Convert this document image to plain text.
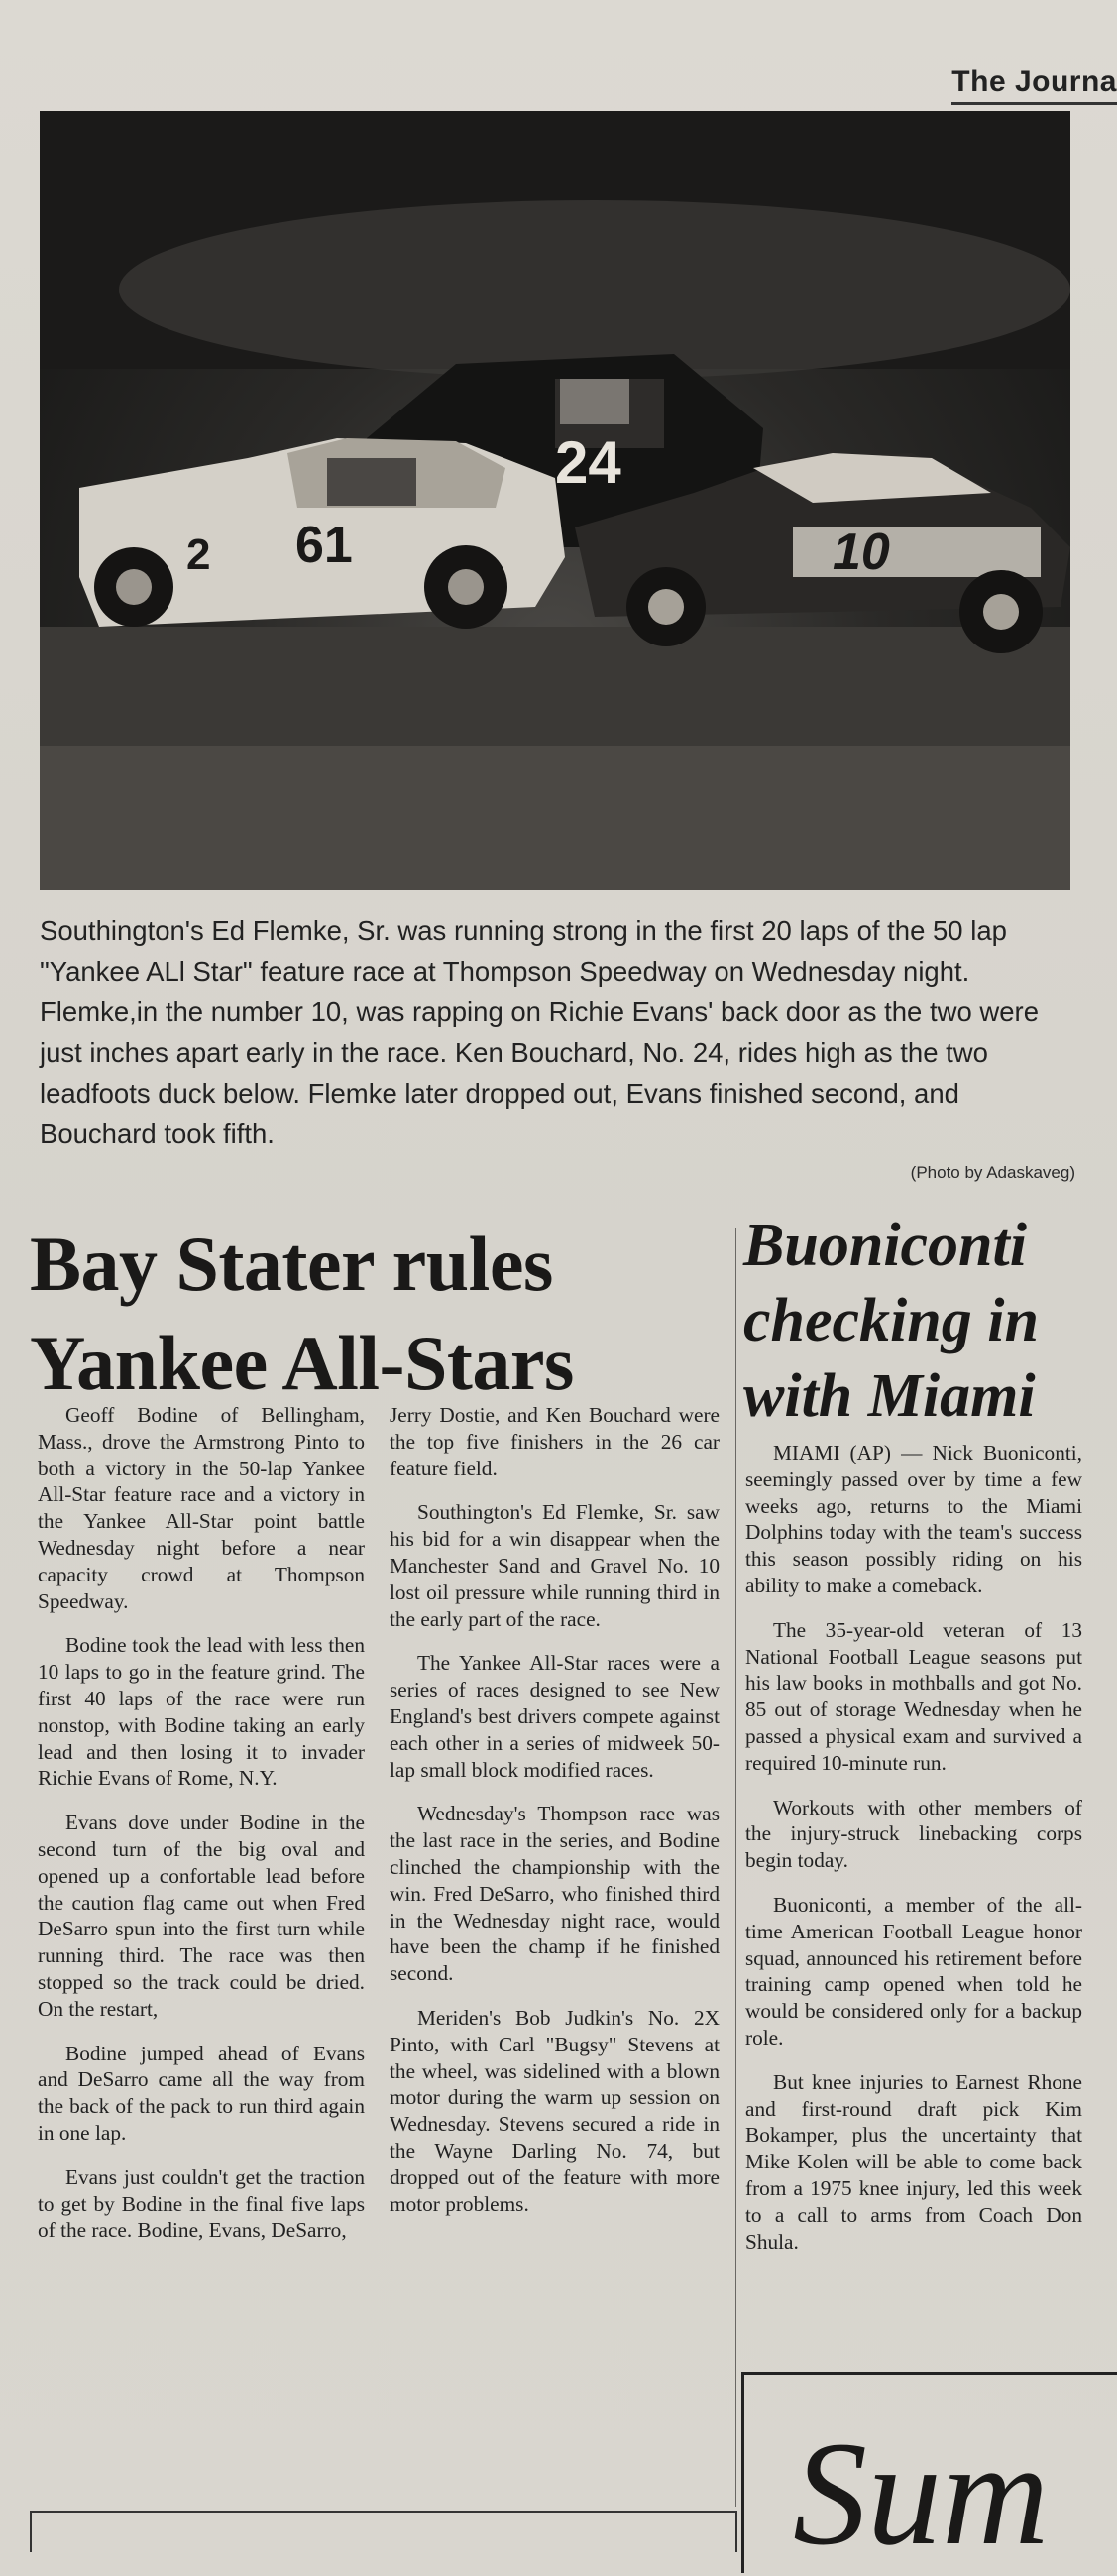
The Journa
61
2
24
10
Southington's Ed Flemke, Sr. was running strong in the first 20 laps of the 50 lap "Yankee ALl Star" feature race at Thompson Speedway on Wednesday night. Flemke,in the number 10, was rapping on Richie Evans' back door as the two were just inches apart early in the race. Ken Bouchard, No. 24, rides high as the two leadfoots duck below. Flemke later dropped out, Evans finished second, and Bouchard took fifth.
(Photo by Adaskaveg)
Bay Stater rules
Yankee All-Stars
Buoniconti
checking in
with Miami

Geoff Bodine of Bellingham, Mass., drove the Armstrong Pinto to both a victory in the 50-lap Yankee All-Star feature race and a victory in the Yankee All-Star point battle Wednesday night before a near capacity crowd at Thompson Speedway.

Bodine took the lead with less then 10 laps to go in the feature grind. The first 40 laps of the race were run nonstop, with Bodine taking an early lead and then losing it to invader Richie Evans of Rome, N.Y.

Evans dove under Bodine in the second turn of the big oval and opened up a confortable lead before the caution flag came out when Fred DeSarro spun into the first turn while running third. The race was then stopped so the track could be dried. On the restart,

Bodine jumped ahead of Evans and DeSarro came all the way from the back of the pack to run third again in one lap.

Evans just couldn't get the traction to get by Bodine in the final five laps of the race. Bodine, Evans, DeSarro,

Jerry Dostie, and Ken Bouchard were the top five finishers in the 26 car feature field.

Southington's Ed Flemke, Sr. saw his bid for a win disappear when the Manchester Sand and Gravel No. 10 lost oil pressure while running third in the early part of the race.

The Yankee All-Star races were a series of races designed to see New England's best drivers compete against each other in a series of midweek 50-lap small block modified races.

Wednesday's Thompson race was the last race in the series, and Bodine clinched the championship with the win. Fred DeSarro, who finished third in the Wednesday night race, would have been the champ if he finished second.

Meriden's Bob Judkin's No. 2X Pinto, with Carl "Bugsy" Stevens at the wheel, was sidelined with a blown motor during the warm up session on Wednesday. Stevens secured a ride in the Wayne Darling No. 74, but dropped out of the feature with more motor problems.

MIAMI (AP) — Nick Buoniconti, seemingly passed over by time a few weeks ago, returns to the Miami Dolphins today with the team's success this season possibly riding on his ability to make a comeback.

The 35-year-old veteran of 13 National Football League seasons put his law books in mothballs and got No. 85 out of storage Wednesday when he passed a physical exam and survived a required 10-minute run.

Workouts with other members of the injury-struck linebacking corps begin today.

Buoniconti, a member of the all-time American Football League honor squad, announced his retirement before training camp opened when told he would be considered only for a backup role.

But knee injuries to Earnest Rhone and first-round draft pick Kim Bokamper, plus the uncertainty that Mike Kolen will be able to come back from a 1975 knee injury, led this week to a call to arms from Coach Don Shula.

Sum
